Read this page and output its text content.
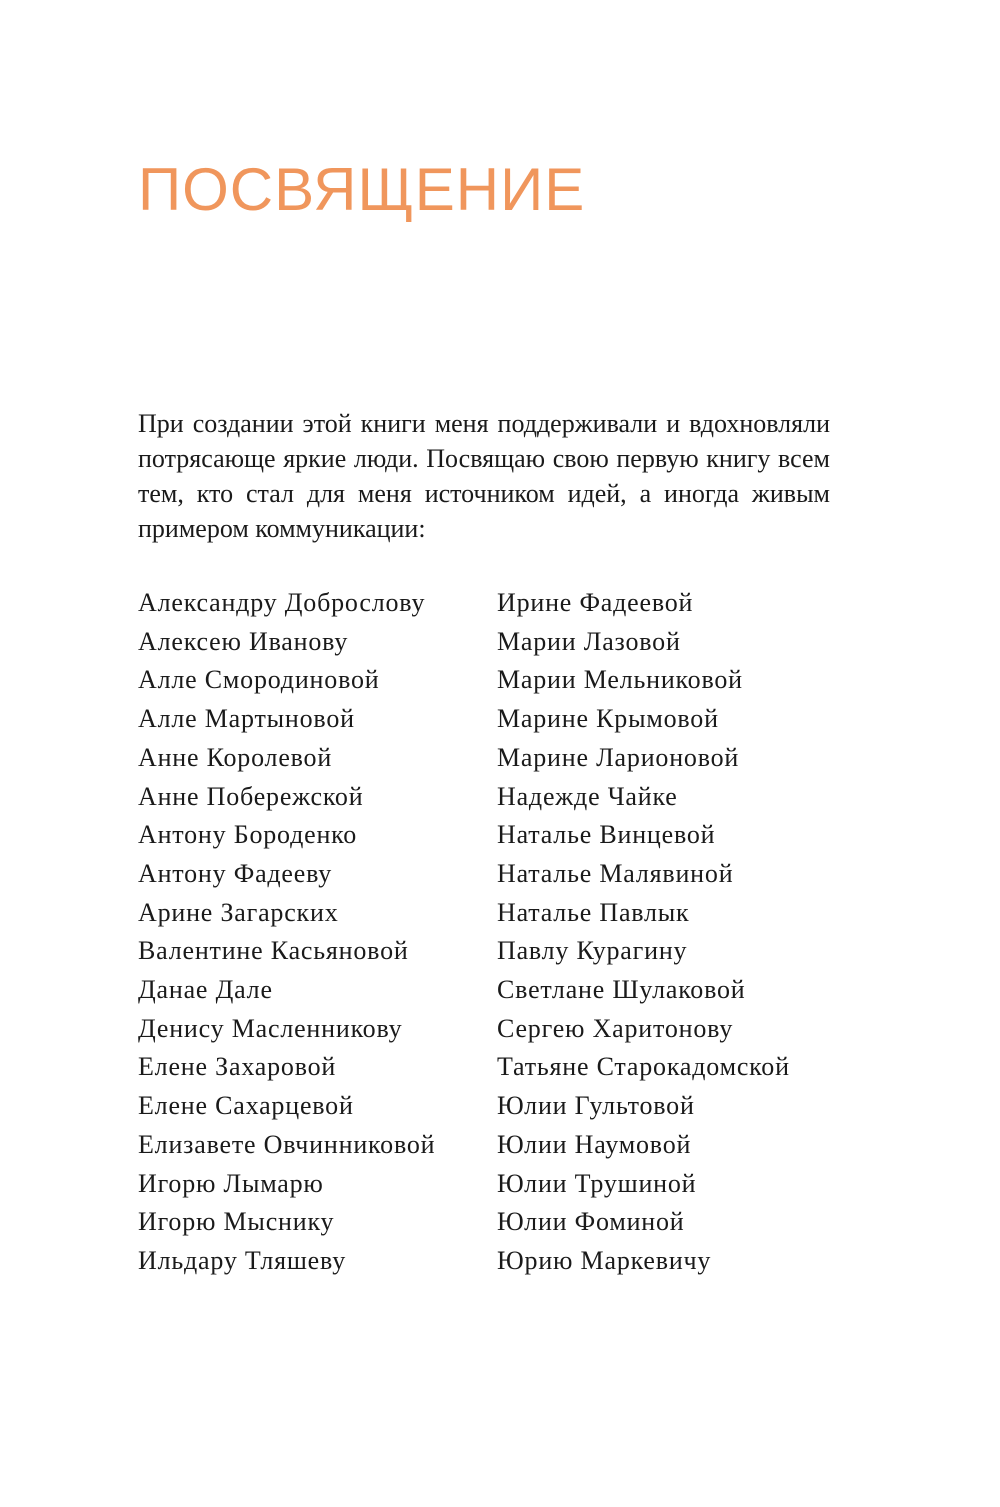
ПОСВЯЩЕНИЕ

При создании этой книги меня поддерживали и вдохновляли потрясающе яркие люди. Посвящаю свою первую книгу всем тем, кто стал для меня источником идей, а иногда живым примером коммуникации:

Александру Доброслову
Алексею Иванову
Алле Смородиновой
Алле Мартыновой
Анне Королевой
Анне Побережской
Антону Бороденко
Антону Фадееву
Арине Загарских
Валентине Касьяновой
Данае Дале
Денису Масленникову
Елене Захаровой
Елене Сахарцевой
Елизавете Овчинниковой
Игорю Лымарю
Игорю Мыснику
Ильдару Тляшеву
Ирине Фадеевой
Марии Лазовой
Марии Мельниковой
Марине Крымовой
Марине Ларионовой
Надежде Чайке
Наталье Винцевой
Наталье Малявиной
Наталье Павлык
Павлу Курагину
Светлане Шулаковой
Сергею Харитонову
Татьяне Старокадомской
Юлии Гультовой
Юлии Наумовой
Юлии Трушиной
Юлии Фоминой
Юрию Маркевичу
